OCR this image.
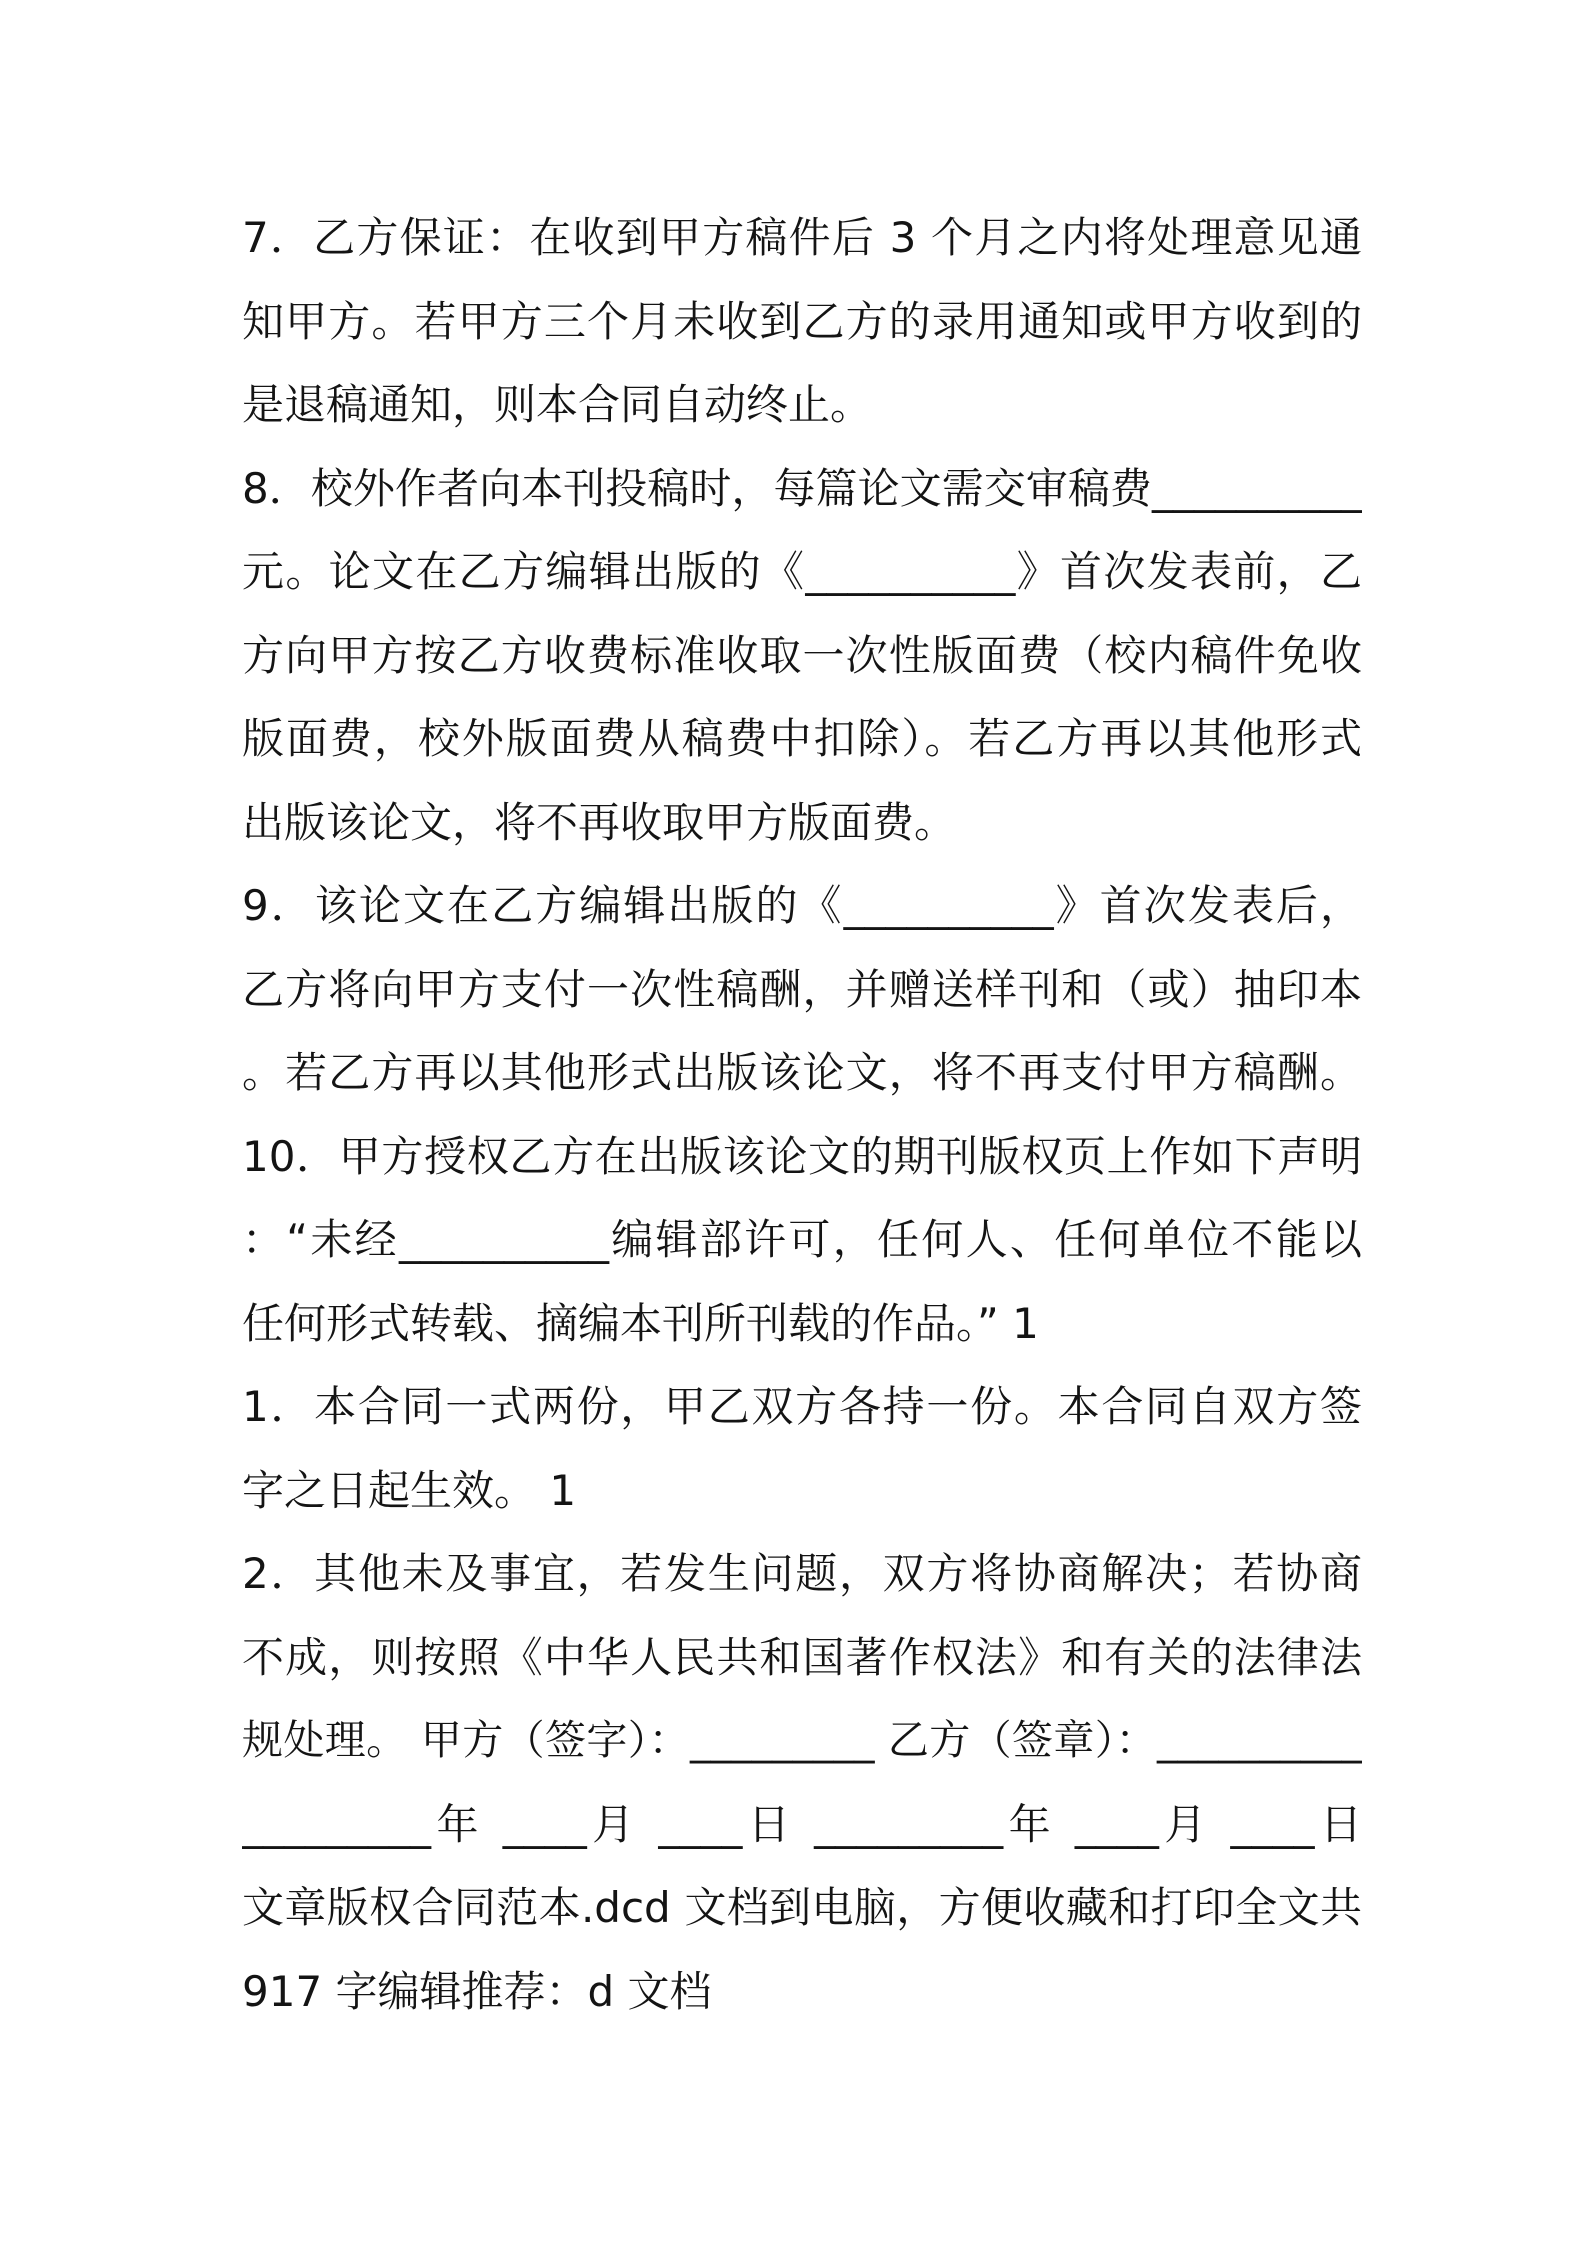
7．乙方保证：在收到甲方稿件后 3 个月之内将处理意见通
知甲方。若甲方三个月未收到乙方的录用通知或甲方收到的
是退稿通知，则本合同自动终止。
8．校外作者向本刊投稿时，每篇论文需交审稿费__________
元。论文在乙方编辑出版的《__________》首次发表前，乙
方向甲方按乙方收费标准收取一次性版面费（校内稿件免收
版面费，校外版面费从稿费中扣除）。若乙方再以其他形式
出版该论文，将不再收取甲方版面费。
9．该论文在乙方编辑出版的《__________》首次发表后，
乙方将向甲方支付一次性稿酬，并赠送样刊和（或）抽印本
。若乙方再以其他形式出版该论文，将不再支付甲方稿酬。
10．甲方授权乙方在出版该论文的期刊版权页上作如下声明
：“未经__________编辑部许可，任何人、任何单位不能以
任何形式转载、摘编本刊所刊载的作品。” 1
1．本合同一式两份，甲乙双方各持一份。本合同自双方签
字之日起生效。 1
2．其他未及事宜，若发生问题，双方将协商解决；若协商
不成，则按照《中华人民共和国著作权法》和有关的法律法
规处理。 甲方（签字）：_________ 乙方（签章）：__________
_________年 ____月 ____日 _________年 ____月 ____日
文章版权合同范本.dcd 文档到电脑，方便收藏和打印全文共
917 字编辑推荐：d 文档
